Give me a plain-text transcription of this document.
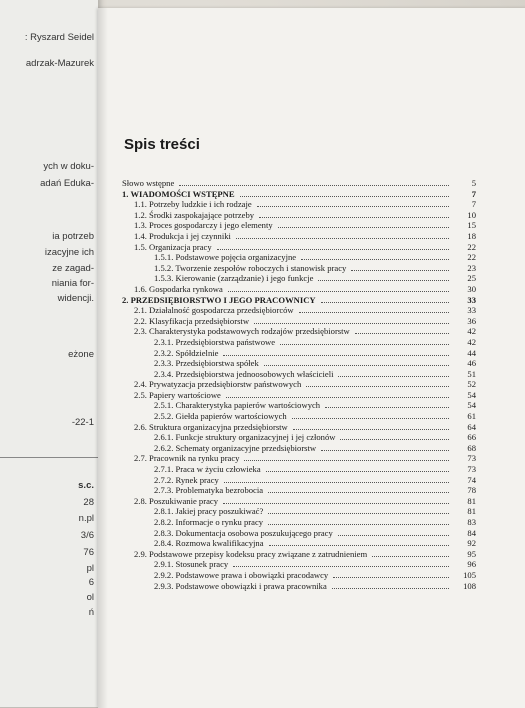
: Ryszard Seidel
adrzak-Mazurek
ych w doku-
adań Eduka-
ia potrzeb
izacyjne ich
ze zagad-
niania for-
widencji.
eżone
-22-1
s.c.
28
n.pl
3/6
76
pl
6
ol
ń
Spis treści
Słowo wstępne	5
1. WIADOMOŚCI WSTĘPNE	7
1.1. Potrzeby ludzkie i ich rodzaje	7
1.2. Środki zaspokajające potrzeby	10
1.3. Proces gospodarczy i jego elementy	15
1.4. Produkcja i jej czynniki	18
1.5. Organizacja pracy	22
1.5.1. Podstawowe pojęcia organizacyjne	22
1.5.2. Tworzenie zespołów roboczych i stanowisk pracy	23
1.5.3. Kierowanie (zarządzanie) i jego funkcje	25
1.6. Gospodarka rynkowa	30
2. PRZEDSIĘBIORSTWO I JEGO PRACOWNICY	33
2.1. Działalność gospodarcza przedsiębiorców	33
2.2. Klasyfikacja przedsiębiorstw	36
2.3. Charakterystyka podstawowych rodzajów przedsiębiorstw	42
2.3.1. Przedsiębiorstwa państwowe	42
2.3.2. Spółdzielnie	44
2.3.3. Przedsiębiorstwa spółek	46
2.3.4. Przedsiębiorstwa jednoosobowych właścicieli	51
2.4. Prywatyzacja przedsiębiorstw państwowych	52
2.5. Papiery wartościowe	54
2.5.1. Charakterystyka papierów wartościowych	54
2.5.2. Giełda papierów wartościowych	61
2.6. Struktura organizacyjna przedsiębiorstw	64
2.6.1. Funkcje struktury organizacyjnej i jej członów	66
2.6.2. Schematy organizacyjne przedsiębiorstw	68
2.7. Pracownik na rynku pracy	73
2.7.1. Praca w życiu człowieka	73
2.7.2. Rynek pracy	74
2.7.3. Problematyka bezrobocia	78
2.8. Poszukiwanie pracy	81
2.8.1. Jakiej pracy poszukiwać?	81
2.8.2. Informacje o rynku pracy	83
2.8.3. Dokumentacja osobowa poszukującego pracy	84
2.8.4. Rozmowa kwalifikacyjna	92
2.9. Podstawowe przepisy kodeksu pracy związane z zatrudnieniem	95
2.9.1. Stosunek pracy	96
2.9.2. Podstawowe prawa i obowiązki pracodawcy	105
2.9.3. Podstawowe obowiązki i prawa pracownika	108
